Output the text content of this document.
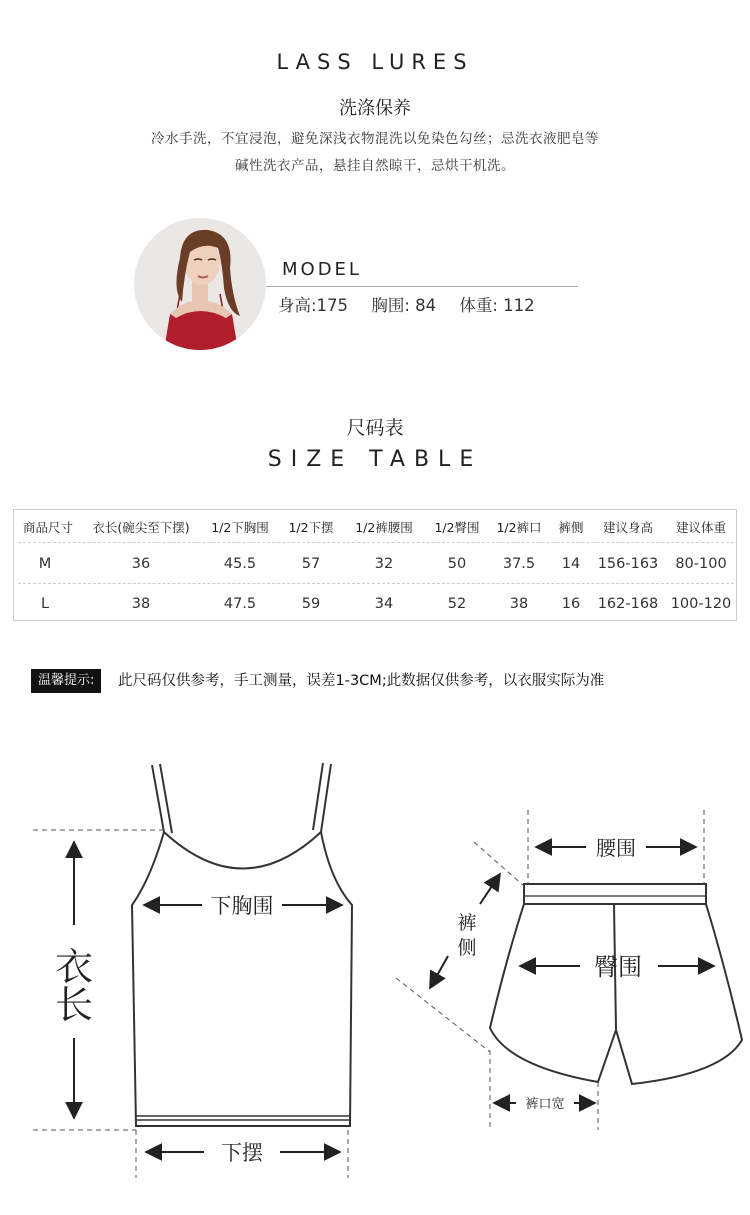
LASS LURES
洗涤保养
冷水手洗，不宜浸泡，避免深浅衣物混洗以免染色勾丝；忌洗衣液肥皂等
碱性洗衣产品，悬挂自然晾干，忌烘干机洗。
MODEL
身高:175 胸围: 84 体重: 112
尺码表
SIZE TABLE
商品尺寸	衣长(碗尖至下摆)	1/2下胸围	1/2下摆	1/2裤腰围	1/2臀围	1/2裤口	裤侧	建议身高	建议体重
M	36	45.5	57	32	50	37.5	14	156-163	80-100
L	38	47.5	59	34	52	38	16	162-168 100-120
温馨提示:	此尺码仅供参考，手工测量，误差1-3CM;此数据仅供参考，以衣服实际为准
衣
长
下胸围
下摆
腰围
裤
侧
臀围
裤口宽
